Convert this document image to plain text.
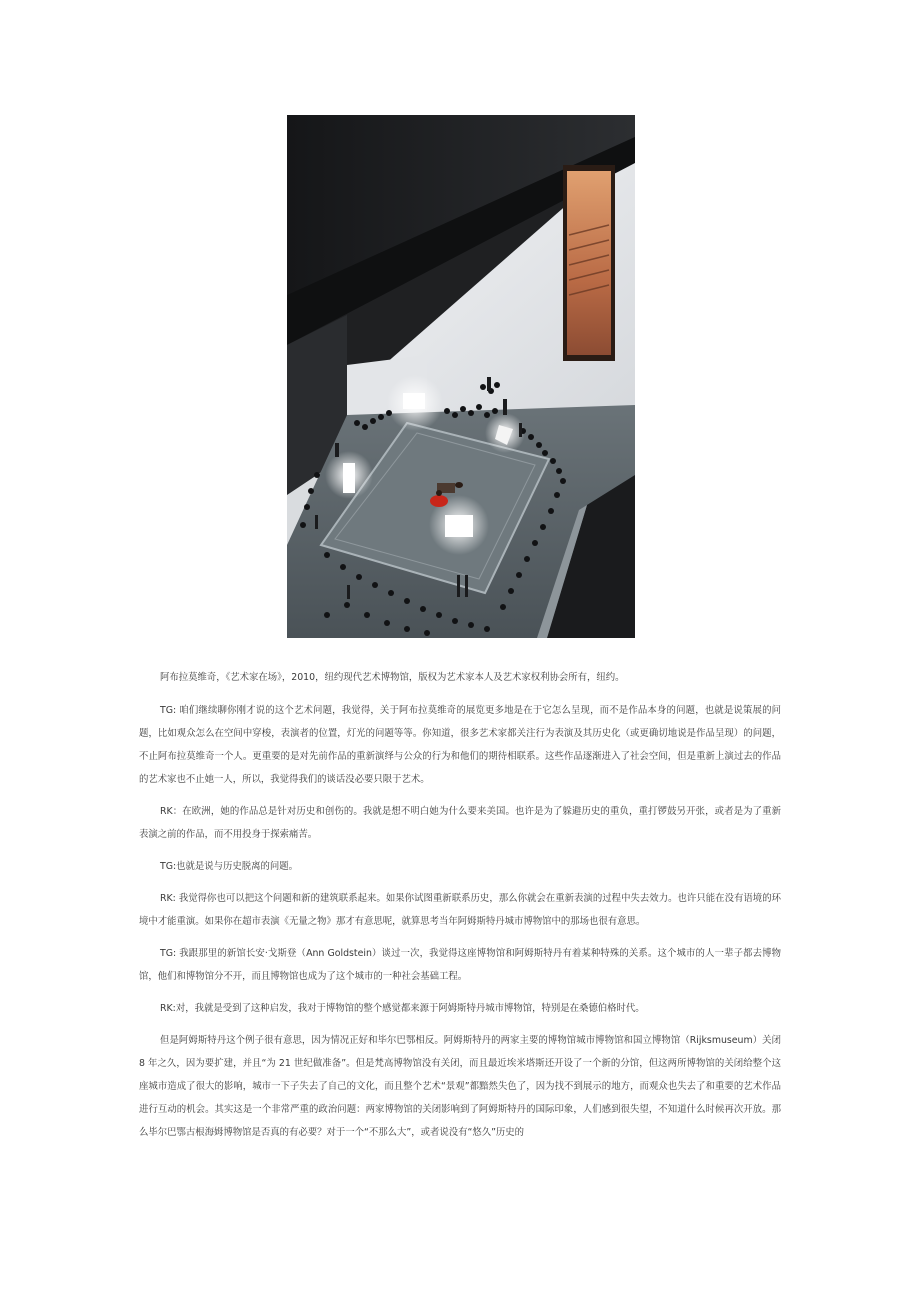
阿布拉莫维奇，《艺术家在场》，2010，纽约现代艺术博物馆，版权为艺术家本人及艺术家权利协会所有，纽约。

TG: 咱们继续聊你刚才说的这个艺术问题，我觉得，关于阿布拉莫维奇的展览更多地是在于它怎么呈现，而不是作品本身的问题，也就是说策展的问题，比如观众怎么在空间中穿梭，表演者的位置，灯光的问题等等。你知道，很多艺术家都关注行为表演及其历史化（或更确切地说是作品呈现）的问题，不止阿布拉莫维奇一个人。更重要的是对先前作品的重新演绎与公众的行为和他们的期待相联系。这些作品逐渐进入了社会空间，但是重新上演过去的作品的艺术家也不止她一人，所以，我觉得我们的谈话没必要只限于艺术。

RK：在欧洲，她的作品总是针对历史和创伤的。我就是想不明白她为什么要来美国。也许是为了躲避历史的重负，重打锣鼓另开张，或者是为了重新表演之前的作品，而不用投身于探索痛苦。

TG:也就是说与历史脱离的问题。

RK: 我觉得你也可以把这个问题和新的建筑联系起来。如果你试图重新联系历史，那么你就会在重新表演的过程中失去效力。也许只能在没有语境的环境中才能重演。如果你在超市表演《无量之物》那才有意思呢，就算思考当年阿姆斯特丹城市博物馆中的那场也很有意思。

TG: 我跟那里的新馆长安·戈斯登（Ann Goldstein）谈过一次，我觉得这座博物馆和阿姆斯特丹有着某种特殊的关系。这个城市的人一辈子都去博物馆，他们和博物馆分不开，而且博物馆也成为了这个城市的一种社会基础工程。

RK:对，我就是受到了这种启发，我对于博物馆的整个感觉都来源于阿姆斯特丹城市博物馆，特别是在桑德伯格时代。

但是阿姆斯特丹这个例子很有意思，因为情况正好和毕尔巴鄂相反。阿姆斯特丹的两家主要的博物馆城市博物馆和国立博物馆（Rijksmuseum）关闭 8 年之久，因为要扩建，并且“为 21 世纪做准备”。但是梵高博物馆没有关闭，而且最近埃米塔斯还开设了一个新的分馆，但这两所博物馆的关闭给整个这座城市造成了很大的影响，城市一下子失去了自己的文化，而且整个艺术“景观”都黯然失色了，因为找不到展示的地方，而观众也失去了和重要的艺术作品进行互动的机会。其实这是一个非常严重的政治问题：两家博物馆的关闭影响到了阿姆斯特丹的国际印象，人们感到很失望，不知道什么时候再次开放。那么毕尔巴鄂古根海姆博物馆是否真的有必要？对于一个“不那么大”，或者说没有“悠久”历史的
